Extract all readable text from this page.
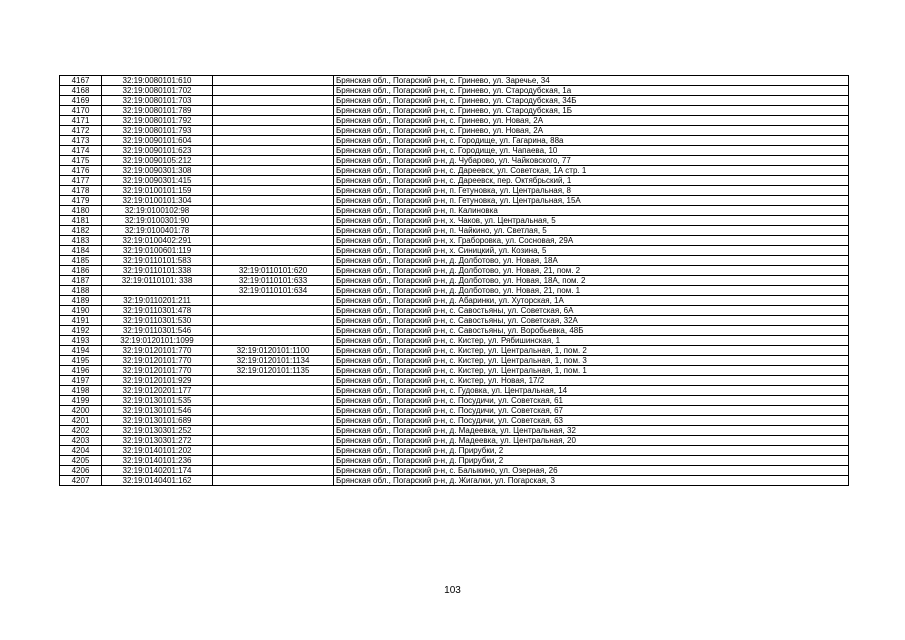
4167	32:19:0080101:610		Брянская обл., Погарский р-н, с. Гринево, ул. Заречье, 34
4168	32:19:0080101:702		Брянская обл., Погарский р-н, с. Гринево, ул. Стародубская, 1а
4169	32:19:0080101:703		Брянская обл., Погарский р-н, с. Гринево, ул. Стародубская, 34Б
4170	32:19:0080101:789		Брянская обл., Погарский р-н, с. Гринево, ул. Стародубская, 1Б
4171	32:19:0080101:792		Брянская обл., Погарский р-н, с. Гринево, ул. Новая, 2А
4172	32:19:0080101:793		Брянская обл., Погарский р-н, с. Гринево, ул. Новая, 2А
4173	32:19:0090101:604		Брянская обл., Погарский р-н, с. Городище, ул. Гагарина, 88а
4174	32:19:0090101:623		Брянская обл., Погарский р-н, с. Городище, ул. Чапаева, 10
4175	32:19:0090105:212		Брянская обл., Погарский р-н, д. Чубарово, ул. Чайковского, 77
4176	32:19:0090301:308		Брянская обл., Погарский р-н, с. Дареевск, ул. Советская, 1А стр. 1
4177	32:19:0090301:415		Брянская обл., Погарский р-н, с. Дареевск, пер. Октябрьский, 1
4178	32:19:0100101:159		Брянская обл., Погарский р-н, п. Гетуновка, ул. Центральная, 8
4179	32:19:0100101:304		Брянская обл., Погарский р-н, п. Гетуновка, ул. Центральная, 15А
4180	32:19:0100102:98		Брянская обл., Погарский р-н, п. Калиновка
4181	32:19:0100301:90		Брянская обл., Погарский р-н, х. Чаков, ул. Центральная, 5
4182	32:19:0100401:78		Брянская обл., Погарский р-н, п. Чайкино, ул. Светлая, 5
4183	32:19:0100402:291		Брянская обл., Погарский р-н, х. Грабоpовка, ул. Сосновая, 29А
4184	32:19:0100601:119		Брянская обл., Погарский р-н, х. Синицкий, ул. Козина, 5
4185	32:19:0110101:583		Брянская обл., Погарский р-н, д. Долботово, ул. Новая, 18А
4186	32:19:0110101:338	32:19:0110101:620	Брянская обл., Погарский р-н, д. Долботово, ул. Новая, 21, пом. 2
4187	32:19:0110101: 338	32:19:0110101:633	Брянская обл., Погарский р-н, д. Долботово, ул. Новая, 18А, пом. 2
4188		32:19:0110101:634	Брянская обл., Погарский р-н, д. Долботово, ул. Новая, 21, пом. 1
4189	32:19:0110201:211		Брянская обл., Погарский р-н, д. Абаринки, ул. Хуторская, 1А
4190	32:19:0110301:478		Брянская обл., Погарский р-н, с. Савостьяны, ул. Советская, 6А
4191	32:19:0110301:530		Брянская обл., Погарский р-н, с. Савостьяны, ул. Советская, 32А
4192	32:19:0110301:546		Брянская обл., Погарский р-н, с. Савостьяны, ул. Воробьевка, 48Б
4193	32:19:0120101:1099		Брянская обл., Погарский р-н, с. Кистер, ул. Рябишинская, 1
4194	32:19:0120101:770	32:19:0120101:1100	Брянская обл., Погарский р-н, с. Кистер, ул. Центральная, 1, пом. 2
4195	32:19:0120101:770	32:19:0120101:1134	Брянская обл., Погарский р-н, с. Кистер, ул. Центральная, 1, пом. 3
4196	32:19:0120101:770	32:19:0120101:1135	Брянская обл., Погарский р-н, с. Кистер, ул. Центральная, 1, пом. 1
4197	32:19:0120101:929		Брянская обл., Погарский р-н, с. Кистер, ул. Новая, 17/2
4198	32:19:0120201:177		Брянская обл., Погарский р-н, с. Гудовка, ул. Центральная, 14
4199	32:19:0130101:535		Брянская обл., Погарский р-н, с. Посудичи, ул. Советская, 61
4200	32:19:0130101:546		Брянская обл., Погарский р-н, с. Посудичи, ул. Советская, 67
4201	32:19:0130101:689		Брянская обл., Погарский р-н, с. Посудичи, ул. Советская, 63
4202	32:19:0130301:252		Брянская обл., Погарский р-н, д. Мадеевка, ул. Центральная, 32
4203	32:19:0130301:272		Брянская обл., Погарский р-н, д. Мадеевка, ул. Центральная, 20
4204	32:19:0140101:202		Брянская обл., Погарский р-н, д. Прирубки, 2
4205	32:19:0140101:236		Брянская обл., Погарский р-н, д. Прирубки, 2
4206	32:19:0140201:174		Брянская обл., Погарский р-н, с. Балыкино, ул. Озерная, 26
4207	32:19:0140401:162		Брянская обл., Погарский р-н, д. Жигалки, ул. Погарская, 3
103
